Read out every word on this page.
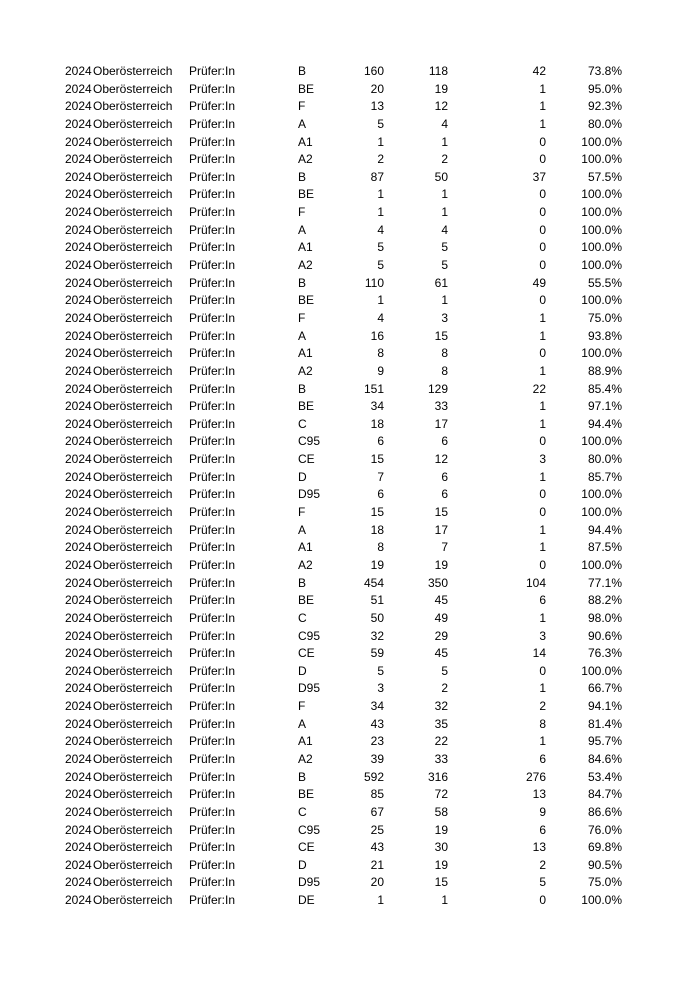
2024 Oberösterreich Prüfer:In	B	160	118	42	73.8%
2024 Oberösterreich Prüfer:In	BE	20	19	1	95.0%
2024 Oberösterreich Prüfer:In	F	13	12	1	92.3%
2024 Oberösterreich Prüfer:In	A	5	4	1	80.0%
2024 Oberösterreich Prüfer:In	A1	1	1	0	100.0%
2024 Oberösterreich Prüfer:In	A2	2	2	0	100.0%
2024 Oberösterreich Prüfer:In	B	87	50	37	57.5%
2024 Oberösterreich Prüfer:In	BE	1	1	0	100.0%
2024 Oberösterreich Prüfer:In	F	1	1	0	100.0%
2024 Oberösterreich Prüfer:In	A	4	4	0	100.0%
2024 Oberösterreich Prüfer:In	A1	5	5	0	100.0%
2024 Oberösterreich Prüfer:In	A2	5	5	0	100.0%
2024 Oberösterreich Prüfer:In	B	110	61	49	55.5%
2024 Oberösterreich Prüfer:In	BE	1	1	0	100.0%
2024 Oberösterreich Prüfer:In	F	4	3	1	75.0%
2024 Oberösterreich Prüfer:In	A	16	15	1	93.8%
2024 Oberösterreich Prüfer:In	A1	8	8	0	100.0%
2024 Oberösterreich Prüfer:In	A2	9	8	1	88.9%
2024 Oberösterreich Prüfer:In	B	151	129	22	85.4%
2024 Oberösterreich Prüfer:In	BE	34	33	1	97.1%
2024 Oberösterreich Prüfer:In	C	18	17	1	94.4%
2024 Oberösterreich Prüfer:In	C95	6	6	0	100.0%
2024 Oberösterreich Prüfer:In	CE	15	12	3	80.0%
2024 Oberösterreich Prüfer:In	D	7	6	1	85.7%
2024 Oberösterreich Prüfer:In	D95	6	6	0	100.0%
2024 Oberösterreich Prüfer:In	F	15	15	0	100.0%
2024 Oberösterreich Prüfer:In	A	18	17	1	94.4%
2024 Oberösterreich Prüfer:In	A1	8	7	1	87.5%
2024 Oberösterreich Prüfer:In	A2	19	19	0	100.0%
2024 Oberösterreich Prüfer:In	B	454	350	104	77.1%
2024 Oberösterreich Prüfer:In	BE	51	45	6	88.2%
2024 Oberösterreich Prüfer:In	C	50	49	1	98.0%
2024 Oberösterreich Prüfer:In	C95	32	29	3	90.6%
2024 Oberösterreich Prüfer:In	CE	59	45	14	76.3%
2024 Oberösterreich Prüfer:In	D	5	5	0	100.0%
2024 Oberösterreich Prüfer:In	D95	3	2	1	66.7%
2024 Oberösterreich Prüfer:In	F	34	32	2	94.1%
2024 Oberösterreich Prüfer:In	A	43	35	8	81.4%
2024 Oberösterreich Prüfer:In	A1	23	22	1	95.7%
2024 Oberösterreich Prüfer:In	A2	39	33	6	84.6%
2024 Oberösterreich Prüfer:In	B	592	316	276	53.4%
2024 Oberösterreich Prüfer:In	BE	85	72	13	84.7%
2024 Oberösterreich Prüfer:In	C	67	58	9	86.6%
2024 Oberösterreich Prüfer:In	C95	25	19	6	76.0%
2024 Oberösterreich Prüfer:In	CE	43	30	13	69.8%
2024 Oberösterreich Prüfer:In	D	21	19	2	90.5%
2024 Oberösterreich Prüfer:In	D95	20	15	5	75.0%
2024 Oberösterreich Prüfer:In	DE	1	1	0	100.0%
